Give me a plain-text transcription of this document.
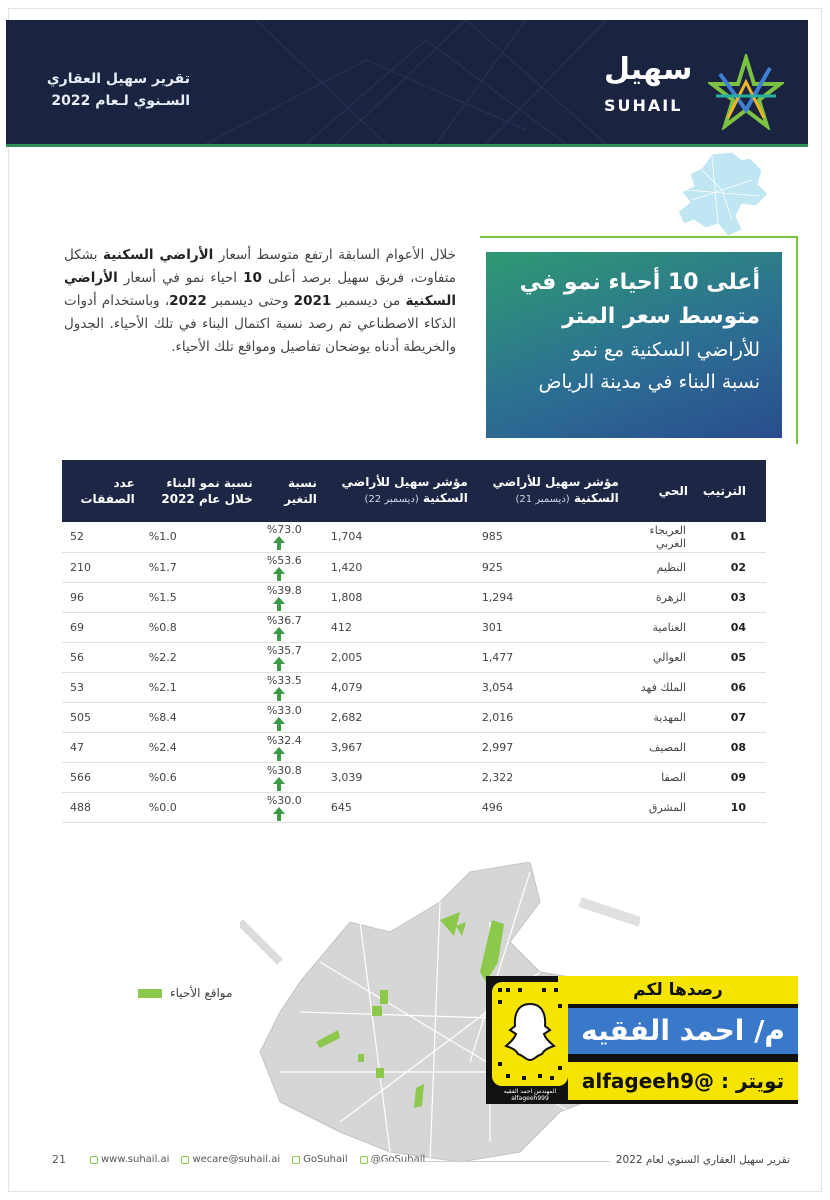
تقرير سهيل العقاري
السـنوي لـعام 2022
سهيل
SUHAIL

خلال الأعوام السابقة ارتفع متوسط أسعار الأراضي السكنية بشكل متفاوت، فريق سهيل برصد أعلى 10 احياء نمو في أسعار الأراضي السكنية من ديسمبر 2021 وحتى ديسمبر 2022، وباستخدام أدوات الذكاء الاصطناعي تم رصد نسبة اكتمال البناء في تلك الأحياء. الجدول والخريطة أدناه يوضحان تفاصيل ومواقع تلك الأحياء.

أعلى 10 أحياء نمو في
متوسط سعر المتر
للأراضي السكنية مع نمو
نسبة البناء في مدينة الرياض
الترتيب	الحي	مؤشر سهيل للأراضي السكنية (ديسمبر 21)	مؤشر سهيل للأراضي السكنية (ديسمبر 22)	نسبة التغير	نسبة نمو البناء خلال عام 2022	عدد الصفقات
01	العريجاء الغربي	985	1,704	%73.0	%1.0	52
02	النظيم	925	1,420	%53.6	%1.7	210
03	الزهرة	1,294	1,808	%39.8	%1.5	96
04	الغنامية	301	412	%36.7	%0.8	69
05	العوالي	1,477	2,005	%35.7	%2.2	56
06	الملك فهد	3,054	4,079	%33.5	%2.1	53
07	المهدية	2,016	2,682	%33.0	%8.4	505
08	المصيف	2,997	3,967	%32.4	%2.4	47
09	الصفا	2,322	3,039	%30.8	%0.6	566
10	المشرق	496	645	%30.0	%0.0	488
مواقع الأحياء
المهندس احمد الفقيه
alfageeh999
رصدها لكم
م/ احمد الفقيه
تويتر : @alfageeh9
21	www.suhail.ai wecare@suhail.ai GoSuhail @GoSuhail	تقرير سهيل العقاري السنوي لعام 2022
